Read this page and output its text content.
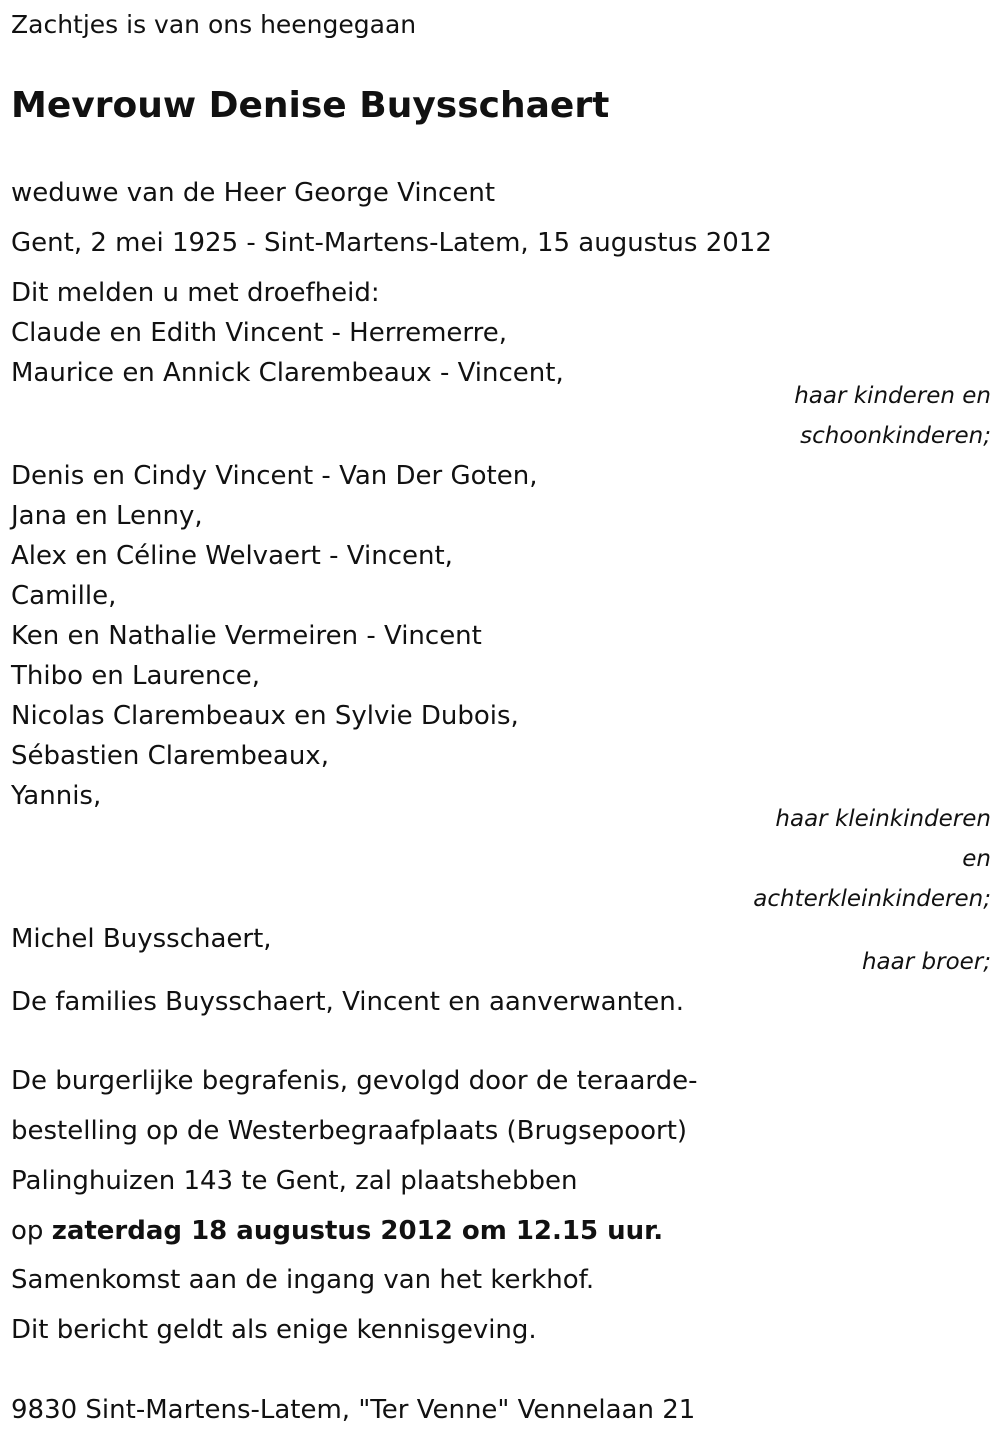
Zachtjes is van ons heengegaan
Mevrouw Denise Buysschaert
weduwe van de Heer George Vincent
Gent, 2 mei 1925 - Sint-Martens-Latem, 15 augustus 2012
Dit melden u met droefheid:
Claude en Edith Vincent - Herremerre,
Maurice en Annick Clarembeaux - Vincent,
haar kinderen en
schoonkinderen;
Denis en Cindy Vincent - Van Der Goten,
Jana en Lenny,
Alex en Céline Welvaert - Vincent,
Camille,
Ken en Nathalie Vermeiren - Vincent
Thibo en Laurence,
Nicolas Clarembeaux en Sylvie Dubois,
Sébastien Clarembeaux,
Yannis,
haar kleinkinderen
en
achterkleinkinderen;
Michel Buysschaert,
haar broer;
De families Buysschaert, Vincent en aanverwanten.
De burgerlijke begrafenis, gevolgd door de teraarde-
bestelling op de Westerbegraafplaats (Brugsepoort)
Palinghuizen 143 te Gent, zal plaatshebben
op zaterdag 18 augustus 2012 om 12.15 uur.
Samenkomst aan de ingang van het kerkhof.
Dit bericht geldt als enige kennisgeving.
9830 Sint-Martens-Latem, "Ter Venne" Vennelaan 21
